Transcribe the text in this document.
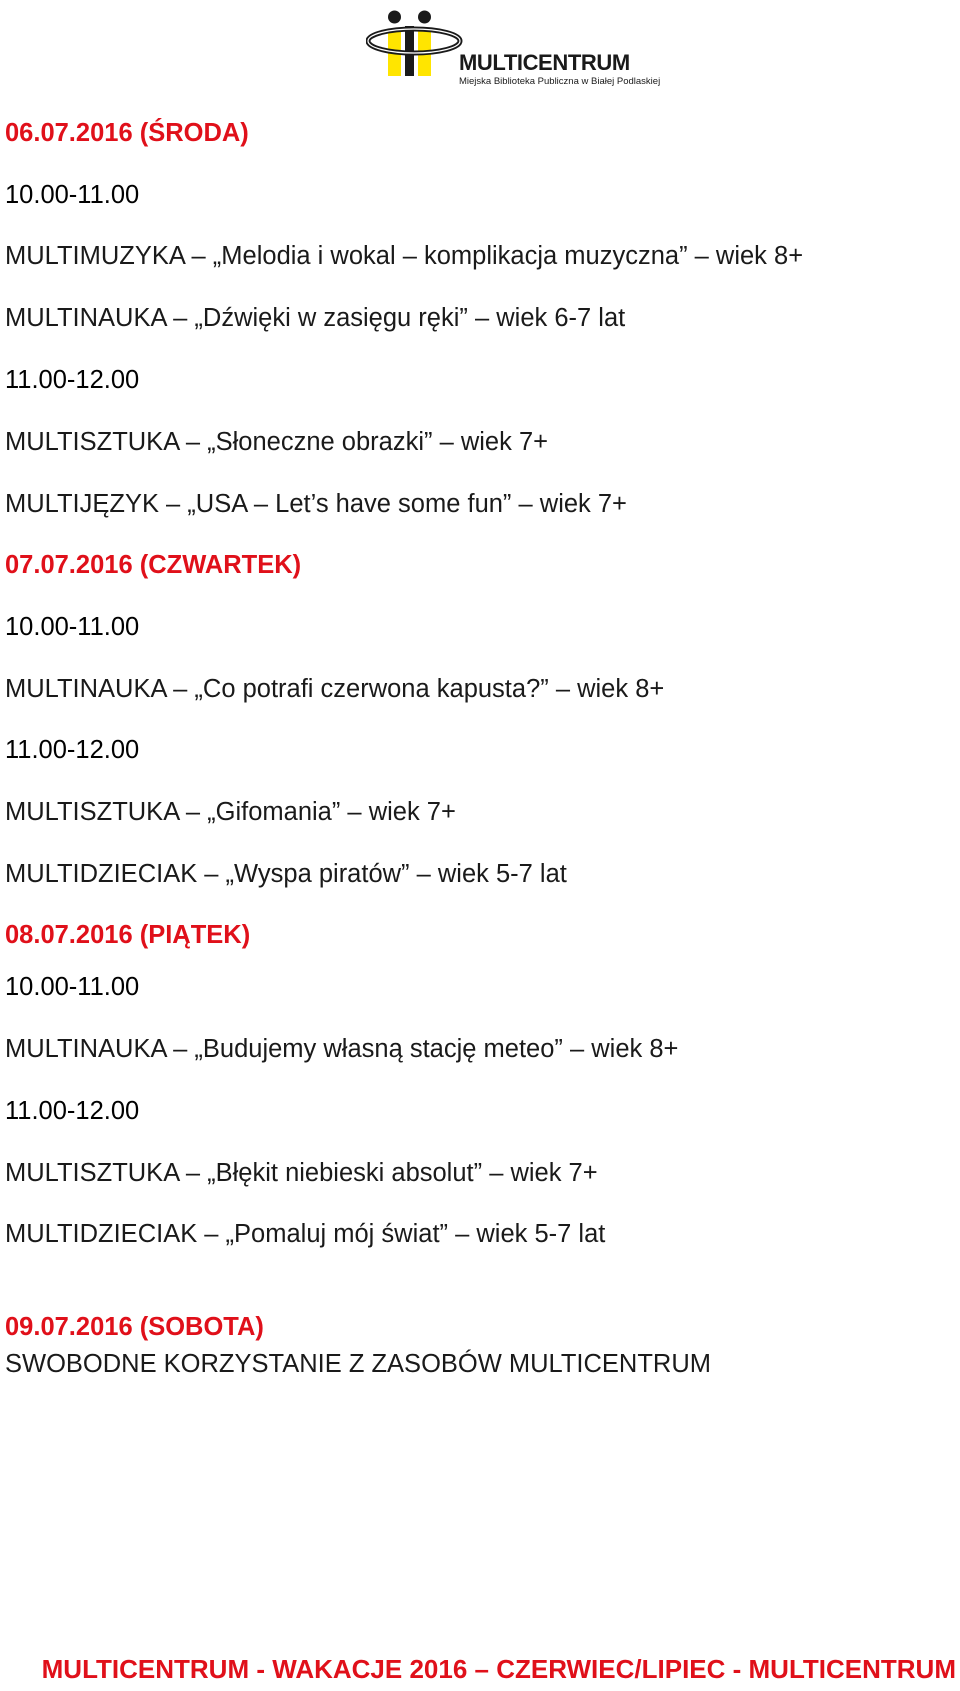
MULTICENTRUM
Miejska Biblioteka Publiczna w Białej Podlaskiej
06.07.2016 (ŚRODA)
10.00-11.00
MULTIMUZYKA – „Melodia i wokal – komplikacja muzyczna” – wiek 8+
MULTINAUKA – „Dźwięki w zasięgu ręki” – wiek 6-7 lat
11.00-12.00
MULTISZTUKA – „Słoneczne obrazki” – wiek 7+
MULTIJĘZYK – „USA – Let’s have some fun” – wiek 7+
07.07.2016 (CZWARTEK)
10.00-11.00
MULTINAUKA – „Co potrafi czerwona kapusta?” – wiek 8+
11.00-12.00
MULTISZTUKA – „Gifomania” – wiek 7+
MULTIDZIECIAK – „Wyspa piratów” – wiek 5-7 lat
08.07.2016 (PIĄTEK)
10.00-11.00
MULTINAUKA – „Budujemy własną stację meteo” – wiek 8+
11.00-12.00
MULTISZTUKA – „Błękit niebieski absolut” – wiek 7+
MULTIDZIECIAK – „Pomaluj mój świat” – wiek 5-7 lat
09.07.2016 (SOBOTA)
SWOBODNE KORZYSTANIE Z ZASOBÓW MULTICENTRUM
MULTICENTRUM - WAKACJE 2016 – CZERWIEC/LIPIEC - MULTICENTRUM
